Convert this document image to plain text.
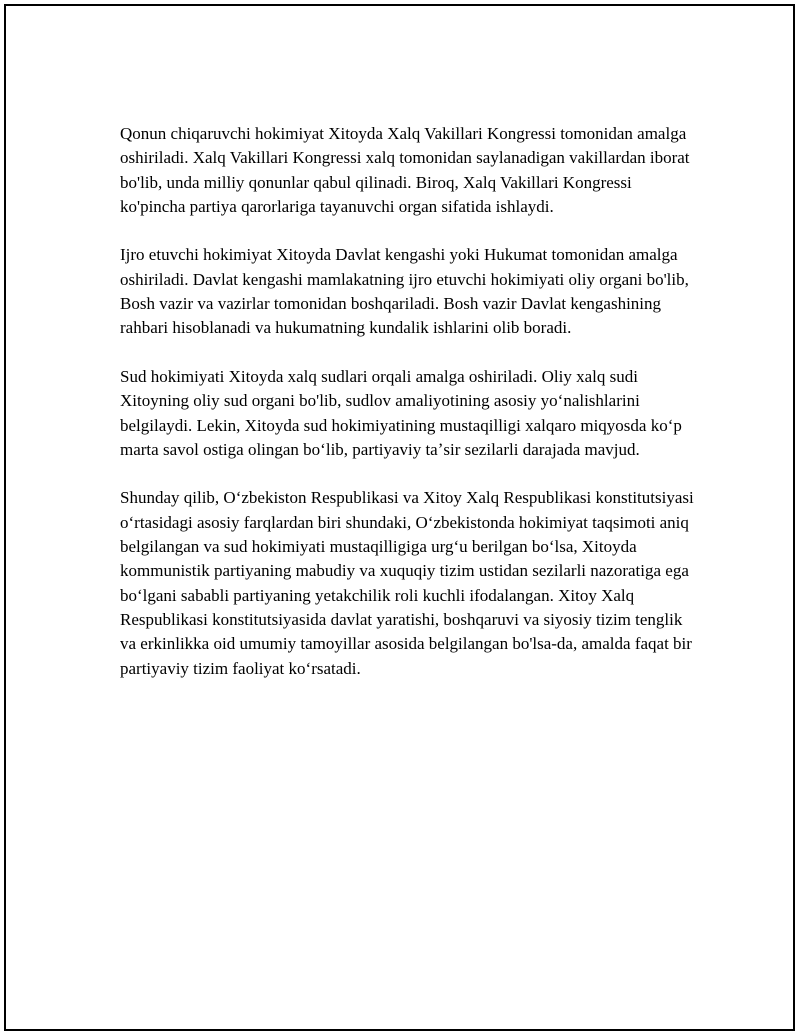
Qonun chiqaruvchi hokimiyat Xitoyda Xalq Vakillari Kongressi tomonidan amalga oshiriladi. Xalq Vakillari Kongressi xalq tomonidan saylanadigan vakillardan iborat bo'lib, unda milliy qonunlar qabul qilinadi. Biroq, Xalq Vakillari Kongressi ko'pincha partiya qarorlariga tayanuvchi organ sifatida ishlaydi.

Ijro etuvchi hokimiyat Xitoyda Davlat kengashi yoki Hukumat tomonidan amalga oshiriladi. Davlat kengashi mamlakatning ijro etuvchi hokimiyati oliy organi bo'lib, Bosh vazir va vazirlar tomonidan boshqariladi. Bosh vazir Davlat kengashining rahbari hisoblanadi va hukumatning kundalik ishlarini olib boradi.

Sud hokimiyati Xitoyda xalq sudlari orqali amalga oshiriladi. Oliy xalq sudi Xitoyning oliy sud organi bo'lib, sudlov amaliyotining asosiy yoʻnalishlarini belgilaydi. Lekin, Xitoyda sud hokimiyatining mustaqilligi xalqaro miqyosda koʻp marta savol ostiga olingan boʻlib, partiyaviy taʼsir sezilarli darajada mavjud.

Shunday qilib, Oʻzbekiston Respublikasi va Xitoy Xalq Respublikasi konstitutsiyasi oʻrtasidagi asosiy farqlardan biri shundaki, Oʻzbekistonda hokimiyat taqsimoti aniq belgilangan va sud hokimiyati mustaqilligiga urgʻu berilgan boʻlsa, Xitoyda kommunistik partiyaning mabudiy va xuquqiy tizim ustidan sezilarli nazoratiga ega boʻlgani sababli partiyaning yetakchilik roli kuchli ifodalangan. Xitoy Xalq Respublikasi konstitutsiyasida davlat yaratishi, boshqaruvi va siyosiy tizim tenglik va erkinlikka oid umumiy tamoyillar asosida belgilangan bo'lsa-da, amalda faqat bir partiyaviy tizim faoliyat koʻrsatadi.
